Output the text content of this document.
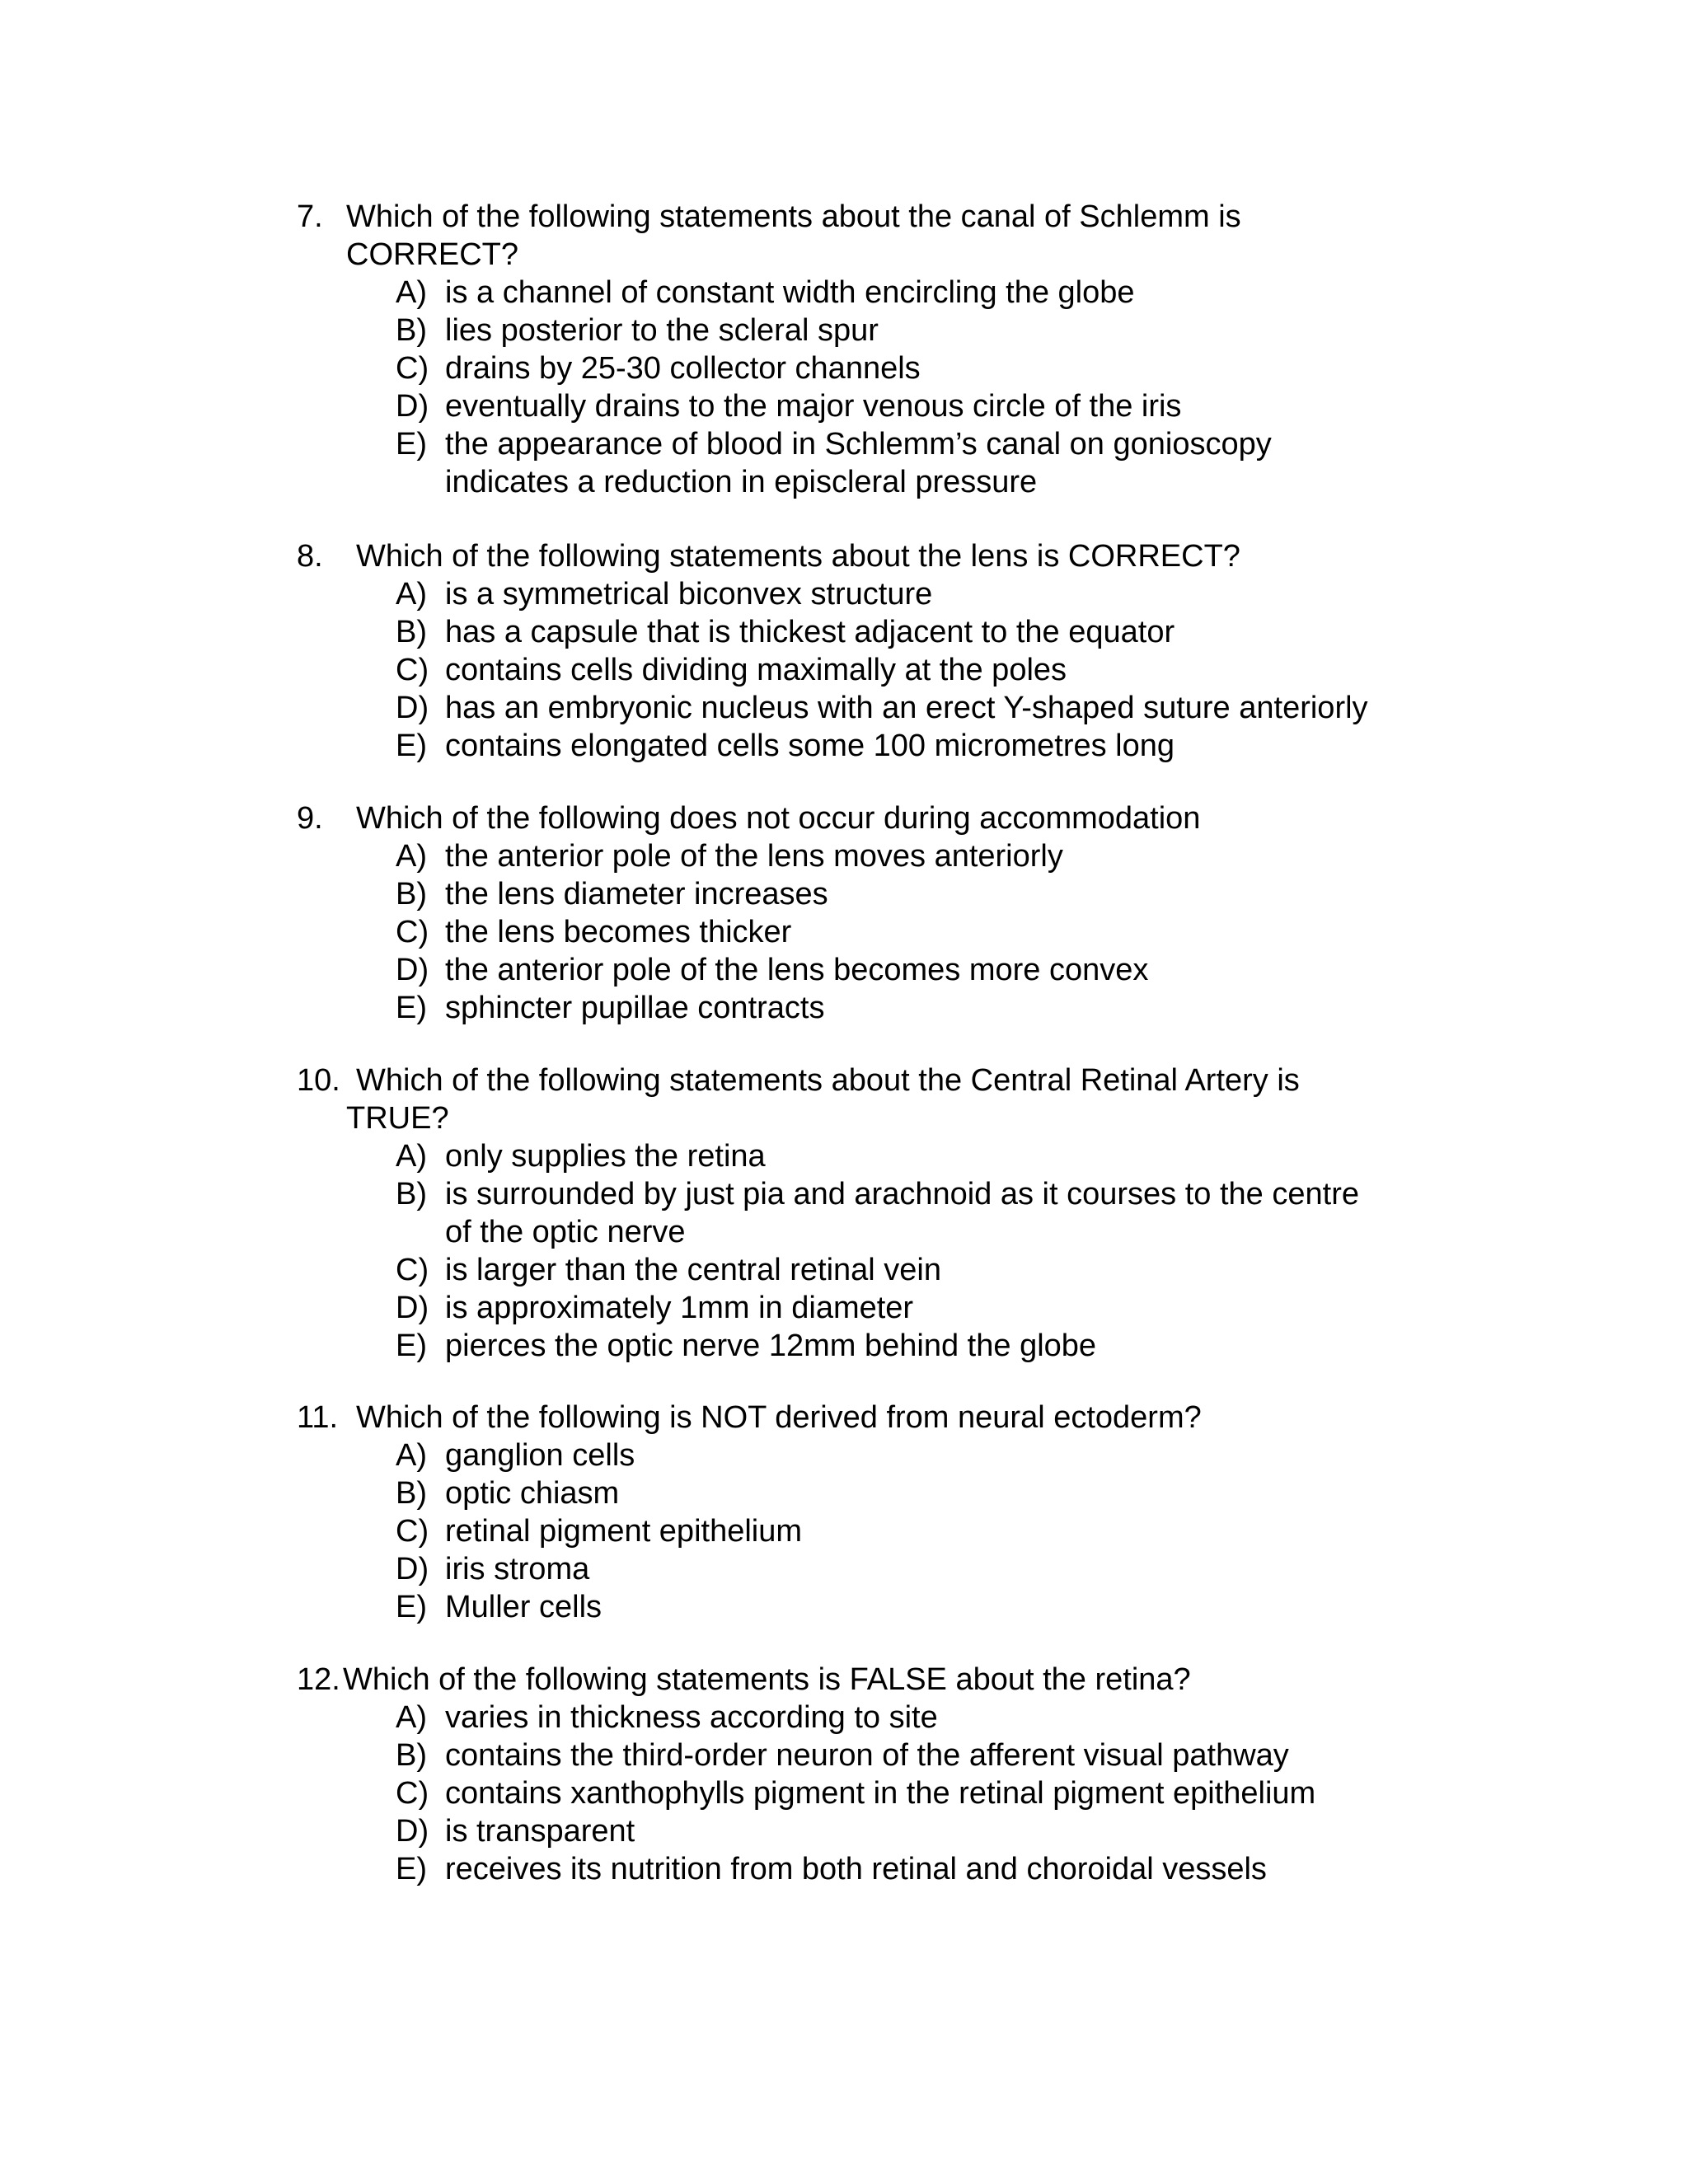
7. Which of the following statements about the canal of Schlemm is
CORRECT?
A) is a channel of constant width encircling the globe
B) lies posterior to the scleral spur
C) drains by 25-30 collector channels
D) eventually drains to the major venous circle of the iris
E) the appearance of blood in Schlemm’s canal on gonioscopy
indicates a reduction in episcleral pressure
8. Which of the following statements about the lens is CORRECT?
A) is a symmetrical biconvex structure
B) has a capsule that is thickest adjacent to the equator
C) contains cells dividing maximally at the poles
D) has an embryonic nucleus with an erect Y-shaped suture anteriorly
E) contains elongated cells some 100 micrometres long
9. Which of the following does not occur during accommodation
A) the anterior pole of the lens moves anteriorly
B) the lens diameter increases
C) the lens becomes thicker
D) the anterior pole of the lens becomes more convex
E) sphincter pupillae contracts
10. Which of the following statements about the Central Retinal Artery is
TRUE?
A) only supplies the retina
B) is surrounded by just pia and arachnoid as it courses to the centre
of the optic nerve
C) is larger than the central retinal vein
D) is approximately 1mm in diameter
E) pierces the optic nerve 12mm behind the globe
11. Which of the following is NOT derived from neural ectoderm?
A) ganglion cells
B) optic chiasm
C) retinal pigment epithelium
D) iris stroma
E) Muller cells
12. Which of the following statements is FALSE about the retina?
A) varies in thickness according to site
B) contains the third-order neuron of the afferent visual pathway
C) contains xanthophylls pigment in the retinal pigment epithelium
D) is transparent
E) receives its nutrition from both retinal and choroidal vessels
